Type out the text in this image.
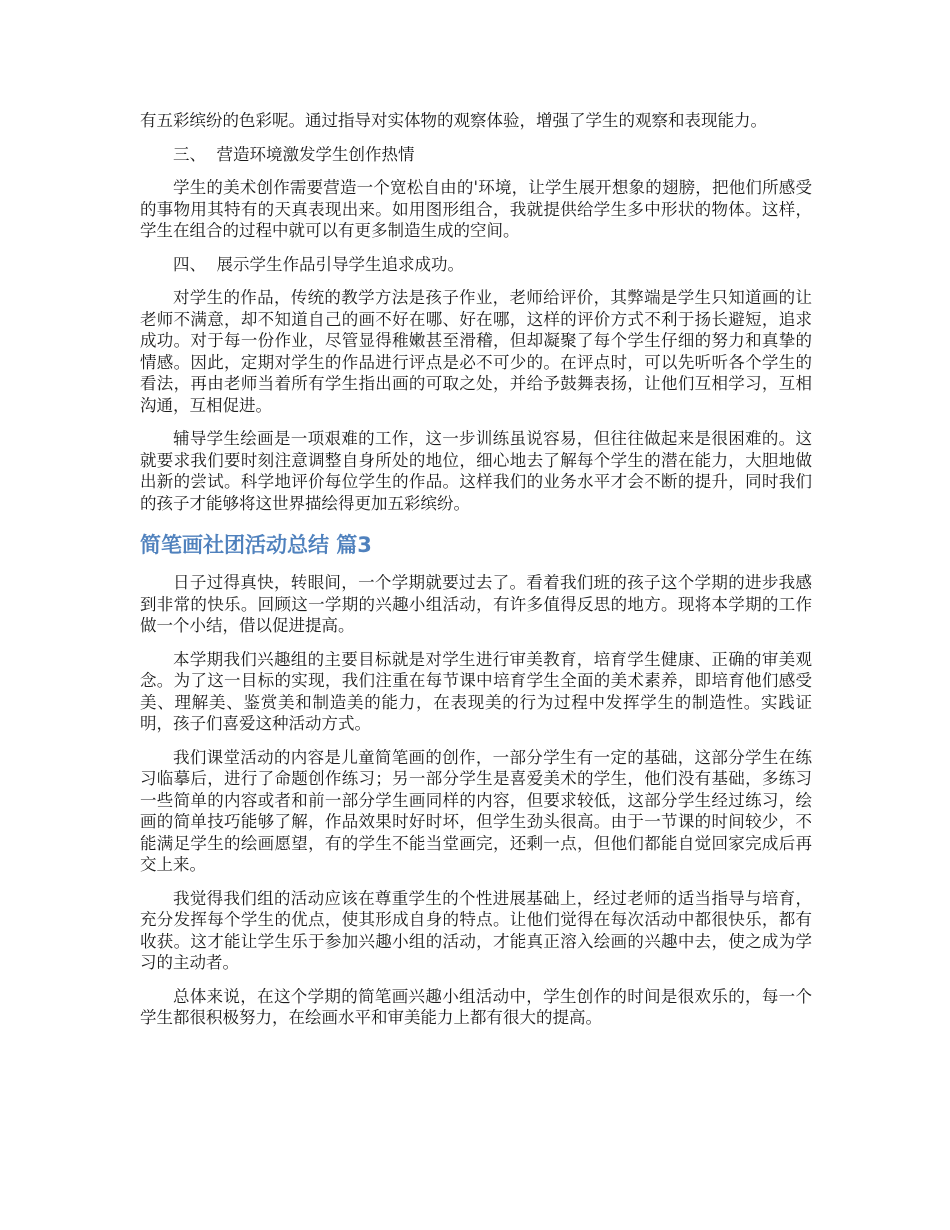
有五彩缤纷的色彩呢。通过指导对实体物的观察体验，增强了学生的观察和表现能力。

三、  营造环境激发学生创作热情

学生的美术创作需要营造一个宽松自由的'环境，让学生展开想象的翅膀，把他们所感受的事物用其特有的天真表现出来。如用图形组合，我就提供给学生多中形状的物体。这样，学生在组合的过程中就可以有更多制造生成的空间。

四、  展示学生作品引导学生追求成功。

对学生的作品，传统的教学方法是孩子作业，老师给评价，其弊端是学生只知道画的让老师不满意，却不知道自己的画不好在哪、好在哪，这样的评价方式不利于扬长避短，追求成功。对于每一份作业，尽管显得稚嫩甚至滑稽，但却凝聚了每个学生仔细的努力和真挚的情感。因此，定期对学生的作品进行评点是必不可少的。在评点时，可以先听听各个学生的看法，再由老师当着所有学生指出画的可取之处，并给予鼓舞表扬，让他们互相学习，互相沟通，互相促进。

辅导学生绘画是一项艰难的工作，这一步训练虽说容易，但往往做起来是很困难的。这就要求我们要时刻注意调整自身所处的地位，细心地去了解每个学生的潜在能力，大胆地做出新的尝试。科学地评价每位学生的作品。这样我们的业务水平才会不断的提升，同时我们的孩子才能够将这世界描绘得更加五彩缤纷。

简笔画社团活动总结 篇3

日子过得真快，转眼间，一个学期就要过去了。看着我们班的孩子这个学期的进步我感到非常的快乐。回顾这一学期的兴趣小组活动，有许多值得反思的地方。现将本学期的工作做一个小结，借以促进提高。

本学期我们兴趣组的主要目标就是对学生进行审美教育，培育学生健康、正确的审美观念。为了这一目标的实现，我们注重在每节课中培育学生全面的美术素养，即培育他们感受美、理解美、鉴赏美和制造美的能力，在表现美的行为过程中发挥学生的制造性。实践证明，孩子们喜爱这种活动方式。

我们课堂活动的内容是儿童简笔画的创作，一部分学生有一定的基础，这部分学生在练习临摹后，进行了命题创作练习；另一部分学生是喜爱美术的学生，他们没有基础，多练习一些简单的内容或者和前一部分学生画同样的内容，但要求较低，这部分学生经过练习，绘画的简单技巧能够了解，作品效果时好时坏，但学生劲头很高。由于一节课的时间较少，不能满足学生的绘画愿望，有的学生不能当堂画完，还剩一点，但他们都能自觉回家完成后再交上来。

我觉得我们组的活动应该在尊重学生的个性进展基础上，经过老师的适当指导与培育，充分发挥每个学生的优点，使其形成自身的特点。让他们觉得在每次活动中都很快乐，都有收获。这才能让学生乐于参加兴趣小组的活动，才能真正溶入绘画的兴趣中去，使之成为学习的主动者。

总体来说，在这个学期的简笔画兴趣小组活动中，学生创作的时间是很欢乐的，每一个学生都很积极努力，在绘画水平和审美能力上都有很大的提高。
